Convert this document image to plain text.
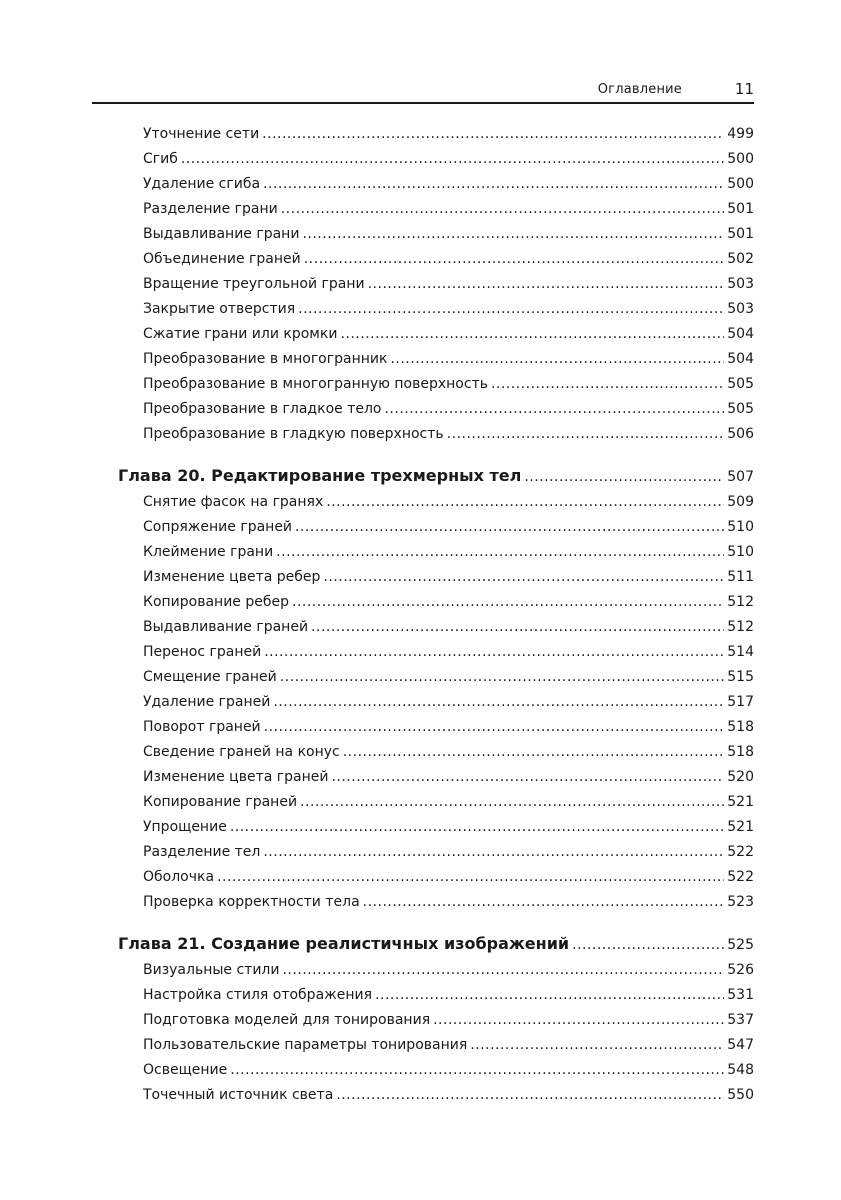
Оглавление	11
Уточнение сети .....	499
Сгиб .....	500
Удаление сгиба .....	500
Разделение грани .....	501
Выдавливание грани .....	501
Объединение граней .....	502
Вращение треугольной грани .....	503
Закрытие отверстия .....	503
Сжатие грани или кромки .....	504
Преобразование в многогранник .....	504
Преобразование в многогранную поверхность .....	505
Преобразование в гладкое тело .....	505
Преобразование в гладкую поверхность .....	506
Глава 20. Редактирование трехмерных тел .....	507
Снятие фасок на гранях .....	509
Сопряжение граней .....	510
Клеймение грани .....	510
Изменение цвета ребер .....	511
Копирование ребер .....	512
Выдавливание граней .....	512
Перенос граней .....	514
Смещение граней .....	515
Удаление граней .....	517
Поворот граней .....	518
Сведение граней на конус .....	518
Изменение цвета граней .....	520
Копирование граней .....	521
Упрощение .....	521
Разделение тел .....	522
Оболочка .....	522
Проверка корректности тела .....	523
Глава 21. Создание реалистичных изображений .....	525
Визуальные стили .....	526
Настройка стиля отображения .....	531
Подготовка моделей для тонирования .....	537
Пользовательские параметры тонирования .....	547
Освещение .....	548
Точечный источник света .....	550
